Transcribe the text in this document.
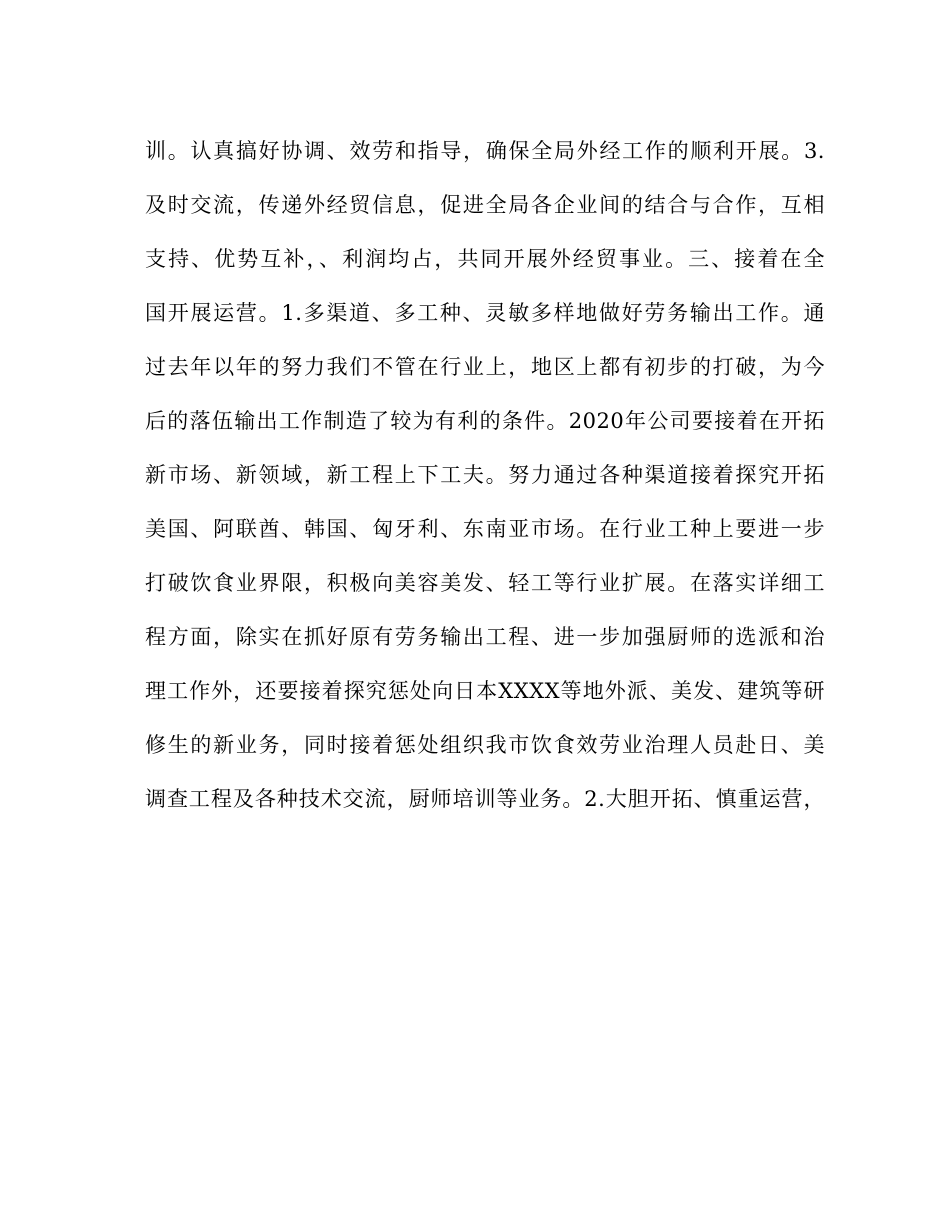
训。认真搞好协调、效劳和指导，确保全局外经工作的顺利开展。3.
及时交流，传递外经贸信息，促进全局各企业间的结合与合作，互相
支持、优势互补，、利润均占，共同开展外经贸事业。三、接着在全
国开展运营。1.多渠道、多工种、灵敏多样地做好劳务输出工作。通
过去年以年的努力我们不管在行业上，地区上都有初步的打破，为今
后的落伍输出工作制造了较为有利的条件。2020年公司要接着在开拓
新市场、新领域，新工程上下工夫。努力通过各种渠道接着探究开拓
美国、阿联酋、韩国、匈牙利、东南亚市场。在行业工种上要进一步
打破饮食业界限，积极向美容美发、轻工等行业扩展。在落实详细工
程方面，除实在抓好原有劳务输出工程、进一步加强厨师的选派和治
理工作外，还要接着探究惩处向日本XXXX等地外派、美发、建筑等研
修生的新业务，同时接着惩处组织我市饮食效劳业治理人员赴日、美
调查工程及各种技术交流，厨师培训等业务。2.大胆开拓、慎重运营，
